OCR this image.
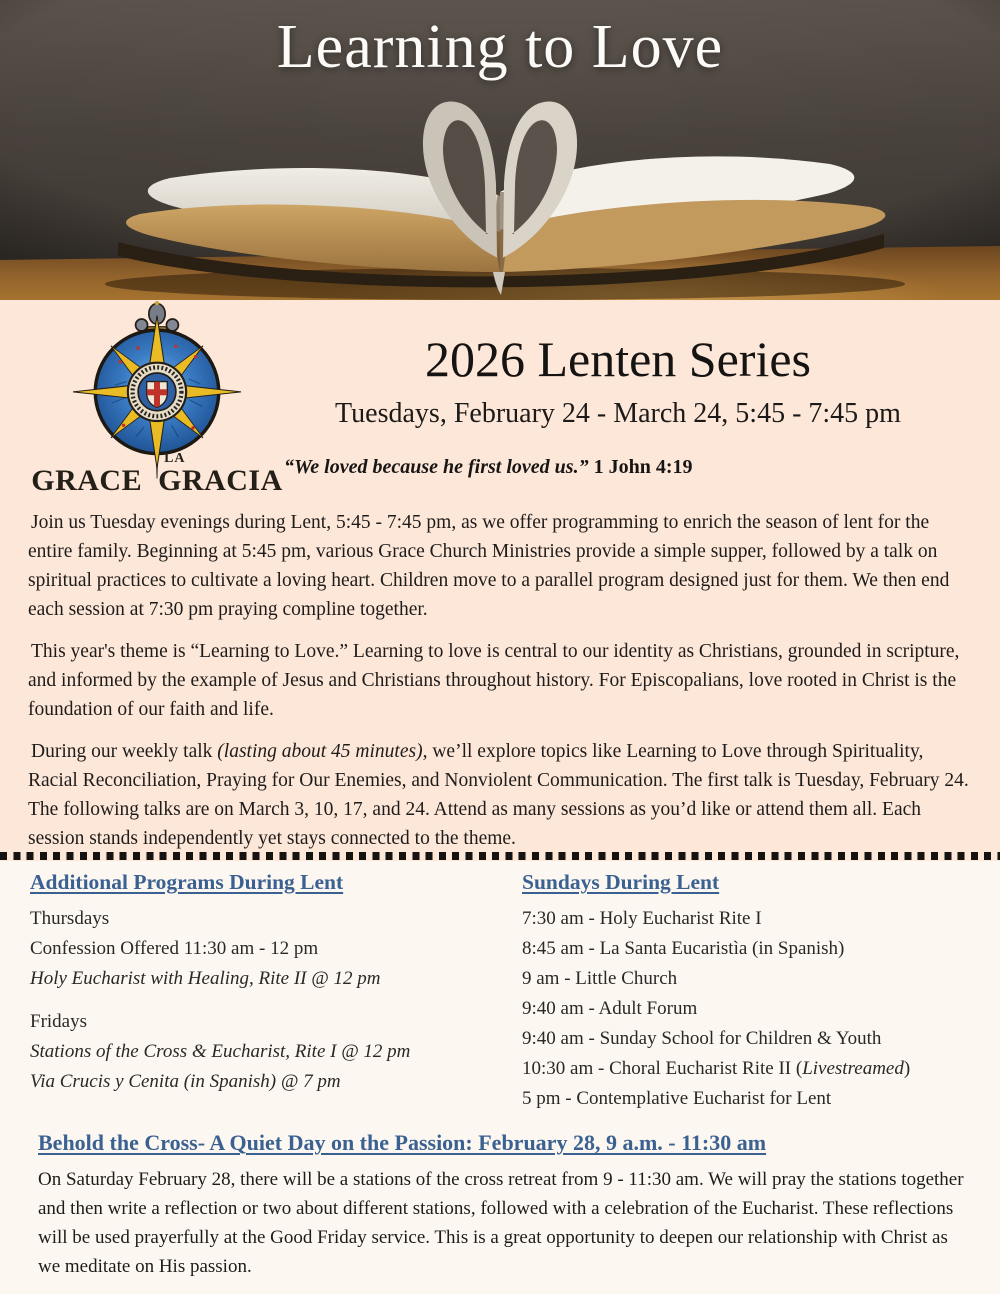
Learning to Love
GRACE
LA
GRACIA
2026 Lenten Series
Tuesdays, February 24 - March 24, 5:45 - 7:45 pm
“We loved because he first loved us.” 1 John 4:19

Join us Tuesday evenings during Lent, 5:45 - 7:45 pm, as we offer programming to enrich the season of lent for the entire family. Beginning at 5:45 pm, various Grace Church Ministries provide a simple supper, followed by a talk on spiritual practices to cultivate a loving heart. Children move to a parallel program designed just for them. We then end each session at 7:30 pm praying compline together.

This year's theme is “Learning to Love.” Learning to love is central to our identity as Christians, grounded in scripture, and informed by the example of Jesus and Christians throughout history. For Episcopalians, love rooted in Christ is the foundation of our faith and life.

During our weekly talk (lasting about 45 minutes), we’ll explore topics like Learning to Love through Spirituality, Racial Reconciliation, Praying for Our Enemies, and Nonviolent Communication. The first talk is Tuesday, February 24. The following talks are on March 3, 10, 17, and 24. Attend as many sessions as you’d like or attend them all. Each session stands independently yet stays connected to the theme.

Additional Programs During Lent
Thursdays
Confession Offered 11:30 am - 12 pm
Holy Eucharist with Healing, Rite II @ 12 pm
Fridays
Stations of the Cross & Eucharist, Rite I @ 12 pm
Via Crucis y Cenita (in Spanish) @ 7 pm
Sundays During Lent
7:30 am - Holy Eucharist Rite I
8:45 am - La Santa Eucaristìa (in Spanish)
9 am - Little Church
9:40 am - Adult Forum
9:40 am - Sunday School for Children & Youth
10:30 am - Choral Eucharist Rite II (Livestreamed)
5 pm - Contemplative Eucharist for Lent
Behold the Cross- A Quiet Day on the Passion: February 28, 9 a.m. - 11:30 am

On Saturday February 28, there will be a stations of the cross retreat from 9 - 11:30 am. We will pray the stations together and then write a reflection or two about different stations, followed with a celebration of the Eucharist. These reflections will be used prayerfully at the Good Friday service. This is a great opportunity to deepen our relationship with Christ as we meditate on His passion.
